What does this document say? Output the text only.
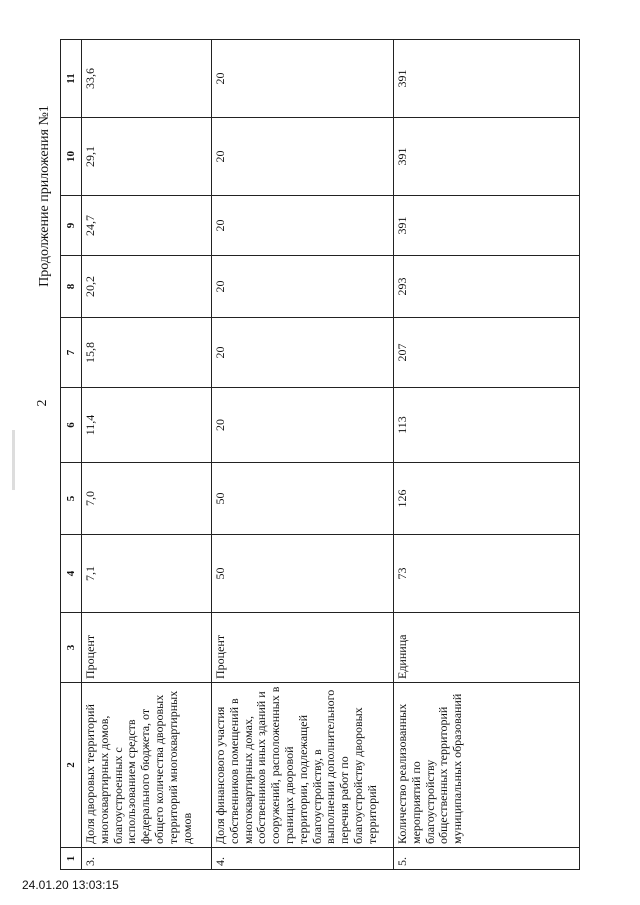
2
Продолжение приложения №1
1	2	3	4	5	6	7	8	9	10	11
3.	Доля дворовых территорий многоквартирных домов, благоустроенных с использованием средств федерального бюджета, от общего количества дворовых территорий многоквартирных домов	Процент	7,1	7,0	11,4	15,8	20,2	24,7	29,1	33,6
4.	Доля финансового участия собственников помещений в многоквартирных домах, собственников иных зданий и сооружений, расположенных в границах дворовой территории, подлежащей благоустройству, в выполнении дополнительного перечня работ по благоустройству дворовых территорий	Процент	50	50	20	20	20	20	20	20
5.	Количество реализованных мероприятий по благоустройству общественных территорий муниципальных образований	Единица	73	126	113	207	293	391	391	391
24.01.20 13:03:15
